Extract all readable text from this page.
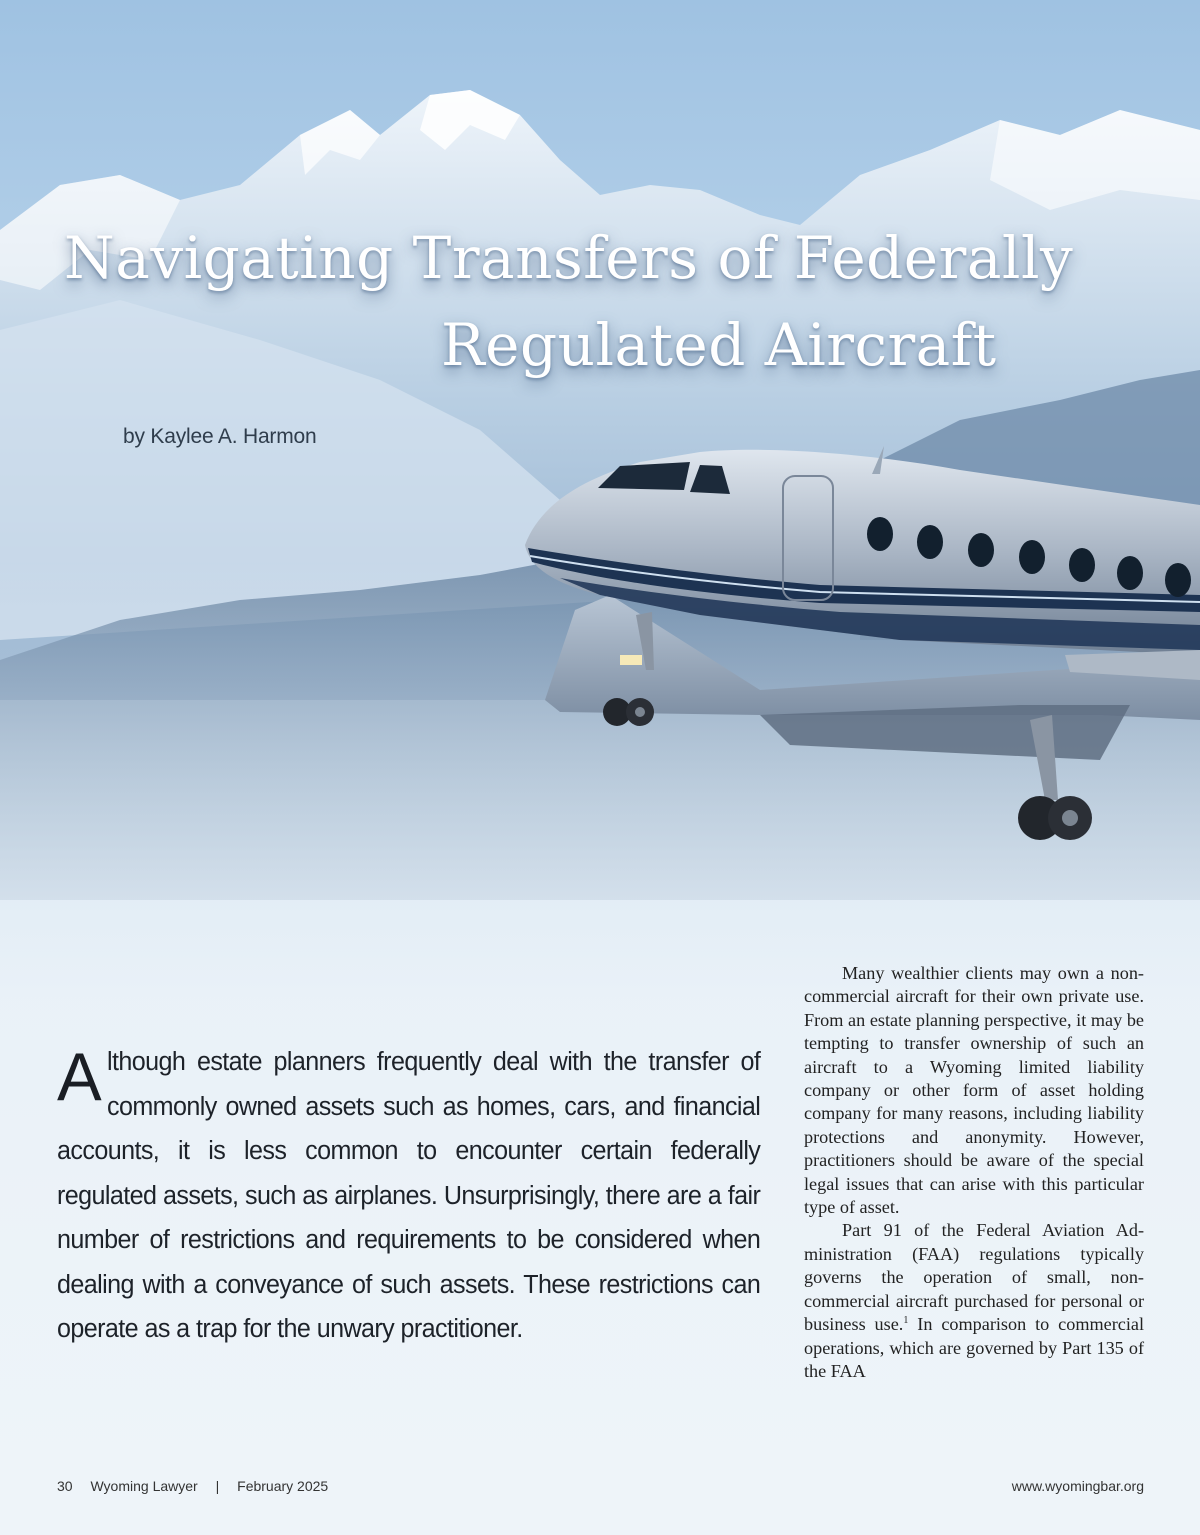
Navigating Transfers of Federally
Regulated Aircraft
by Kaylee A. Harmon
Although estate planners frequently deal with the transfer of commonly owned assets such as homes, cars, and financial accounts, it is less common to encounter certain federally regulated assets, such as airplanes. Unsurprisingly, there are a fair number of restrictions and requirements to be considered when dealing with a conveyance of such assets. These restrictions can operate as a trap for the unwary practitioner.

Many wealthier clients may own a non-commercial aircraft for their own private use. From an estate planning perspective, it may be tempting to transfer ownership of such an aircraft to a Wyoming limited liability company or other form of asset holding company for many reasons, including liability protections and anonymity. However, practitioners should be aware of the special legal issues that can arise with this particular type of asset.

Part 91 of the Federal Aviation Administration (FAA) regulations typically governs the operation of small, non-commercial aircraft purchased for personal or business use.$^1$ In comparison to commercial operations, which are governed by Part 135 of the FAA

30 Wyoming Lawyer | February 2025	www.wyomingbar.org
